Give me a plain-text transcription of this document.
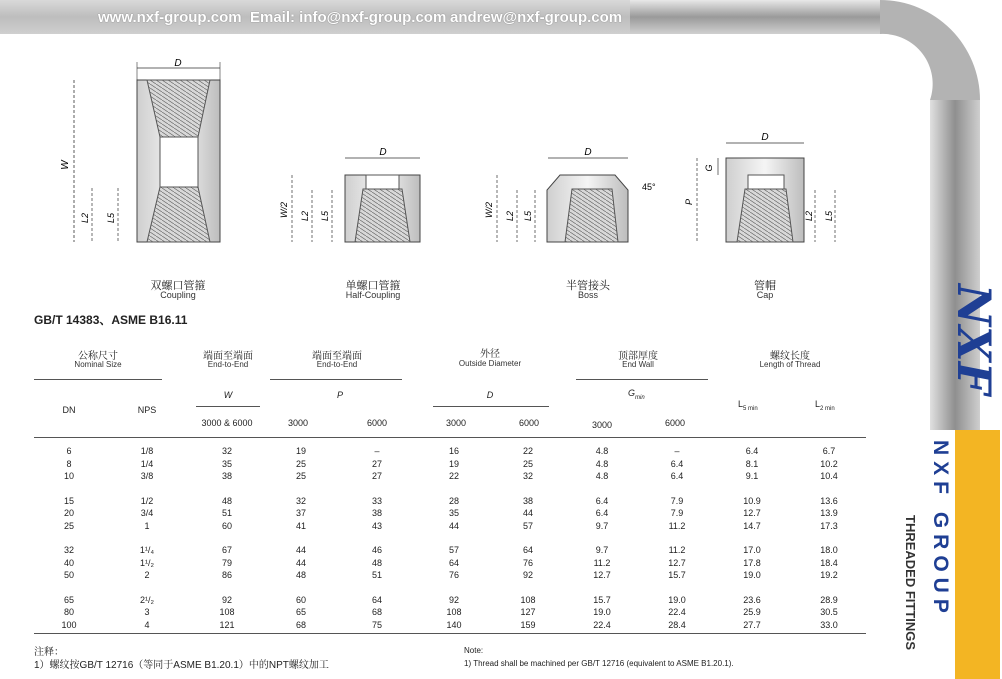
www.nxf-group.com Email: info@nxf-group.com andrew@nxf-group.com
D
W
L2 L5
D
W/2 L2 L5
D
45°
W/2 L2 L5
D
G
P
L2 L5
双螺口管箍
Coupling
单螺口管箍
Half-Coupling
半管接头
Boss
管帽
Cap
GB/T 14383、ASME B16.11
公称尺寸
Nominal Size
端面至端面
End-to-End
端面至端面
End-to-End
外径
Outside Diameter
顶部厚度
End Wall
螺纹长度
Length of Thread
W	P	D	$G_{min}$
$L_{5 min}$	$L_{2 min}$
DN	NPS
3000 & 6000	3000	6000	3000	6000	3000	6000
6	1/8	32	19	–	16	22	4.8	–	6.4	6.7
8	1/4	35	25	27	19	25	4.8	6.4	8.1	10.2
10	3/8	38	25	27	22	32	4.8	6.4	9.1	10.4
15	1/2	48	32	33	28	38	6.4	7.9	10.9	13.6
20	3/4	51	37	38	35	44	6.4	7.9	12.7	13.9
25	1	60	41	43	44	57	9.7	11.2	14.7	17.3
32	1¹/₄	67	44	46	57	64	9.7	11.2	17.0	18.0
40	1¹/₂	79	44	48	64	76	11.2	12.7	17.8	18.4
50	2	86	48	51	76	92	12.7	15.7	19.0	19.2
65	2¹/₂	92	60	64	92	108	15.7	19.0	23.6	28.9
80	3	108	65	68	108	127	19.0	22.4	25.9	30.5
100	4	121	68	75	140	159	22.4	28.4	27.7	33.0
注释：
1）螺纹按GB/T 12716（等同于ASME B1.20.1）中的NPT螺纹加工
Note:
1) Thread shall be machined per GB/T 12716 (equivalent to ASME B1.20.1).
NXF
NXF GROUP
THREADED FITTINGS
